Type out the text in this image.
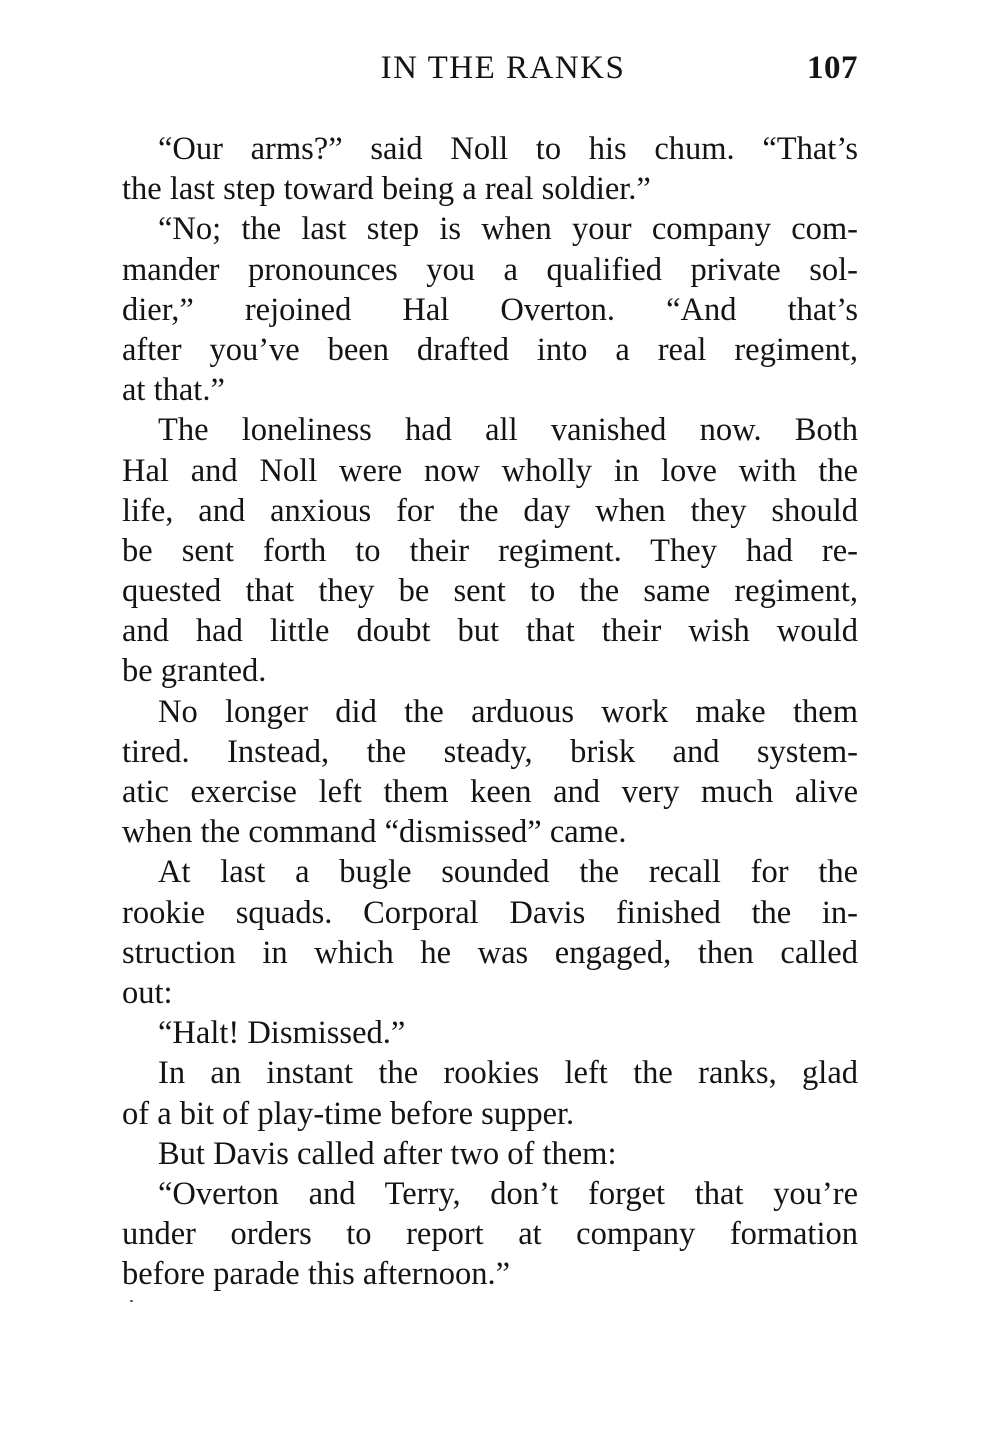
IN THE RANKS	107
“Our arms?” said Noll to his chum. “That’s
the last step toward being a real soldier.”
“No; the last step is when your company com-
mander pronounces you a qualified private sol-
dier,” rejoined Hal Overton. “And that’s
after you’ve been drafted into a real regiment,
at that.”
The loneliness had all vanished now. Both
Hal and Noll were now wholly in love with the
life, and anxious for the day when they should
be sent forth to their regiment. They had re-
quested that they be sent to the same regiment,
and had little doubt but that their wish would
be granted.
No longer did the arduous work make them
tired. Instead, the steady, brisk and system-
atic exercise left them keen and very much alive
when the command “dismissed” came.
At last a bugle sounded the recall for the
rookie squads. Corporal Davis finished the in-
struction in which he was engaged, then called
out:
“Halt! Dismissed.”
In an instant the rookies left the ranks, glad
of a bit of play-time before supper.
But Davis called after two of them:
“Overton and Terry, don’t forget that you’re
under orders to report at company formation
before parade this afternoon.”
